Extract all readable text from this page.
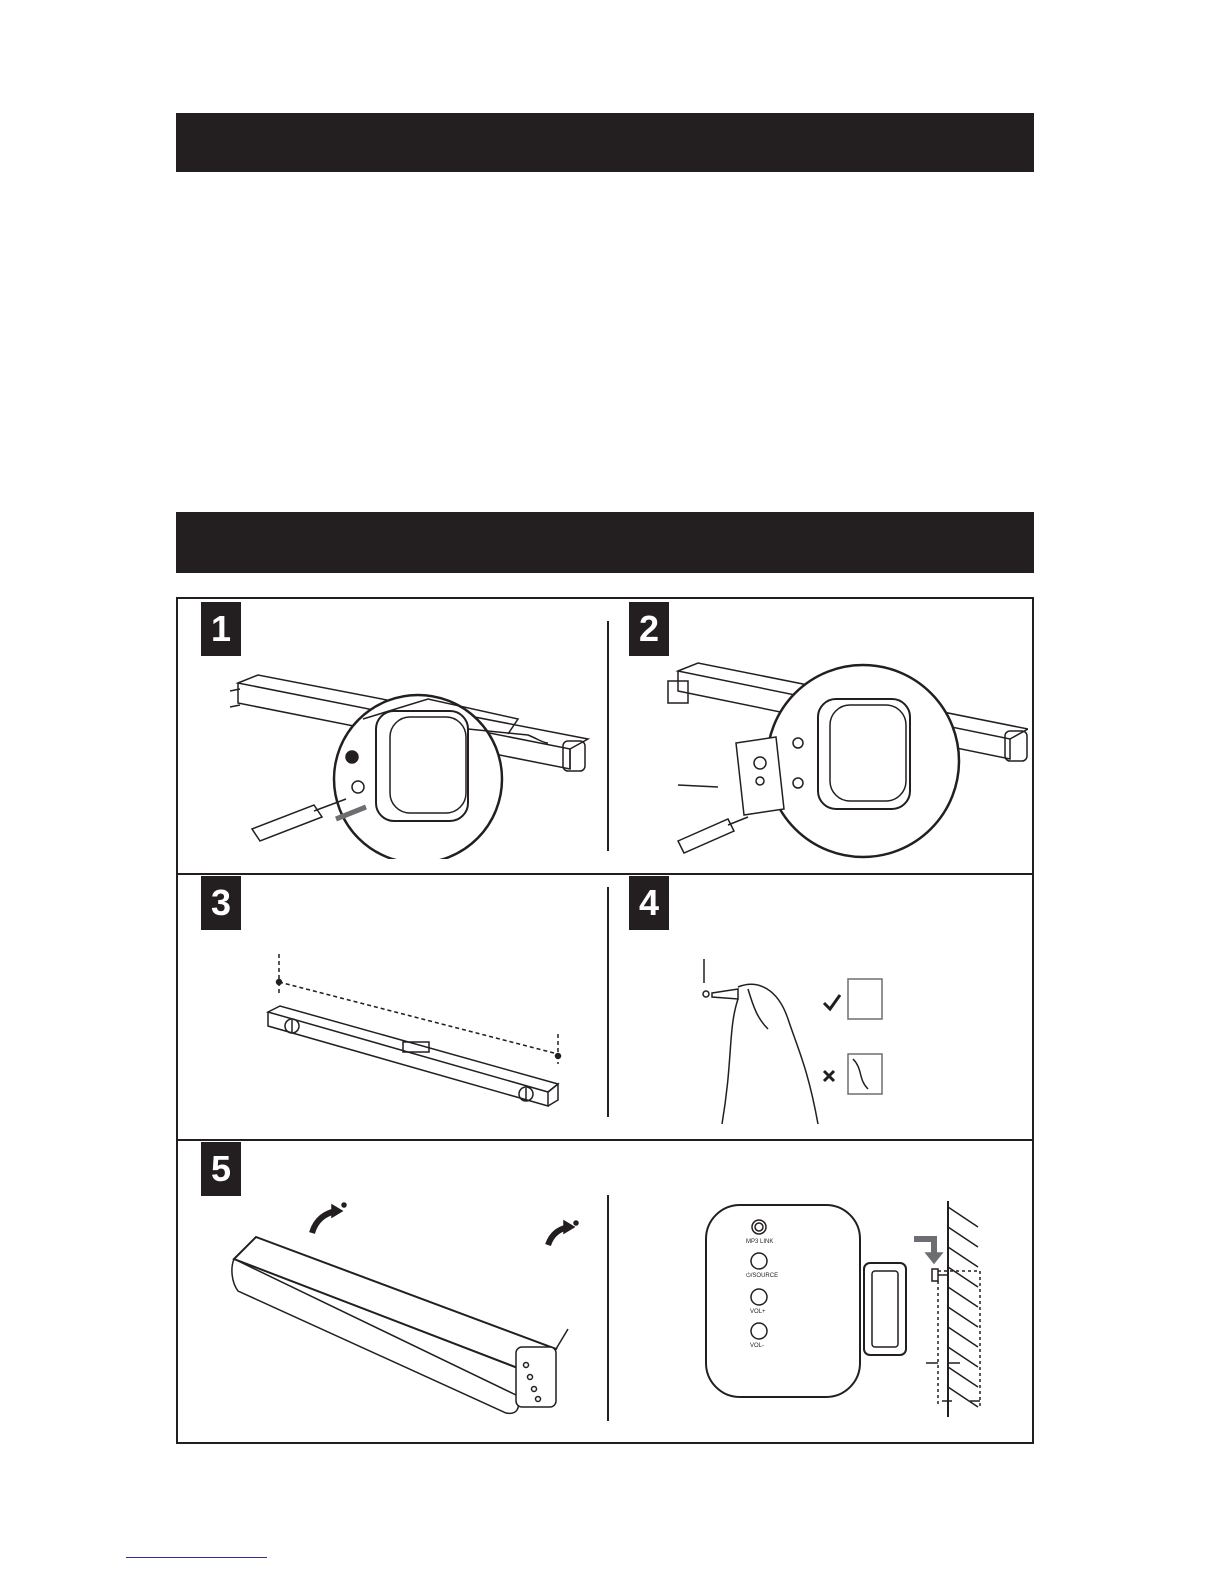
1	2
3	4
5
MP3 LINK
⏻/SOURCE
VOL+
VOL-
